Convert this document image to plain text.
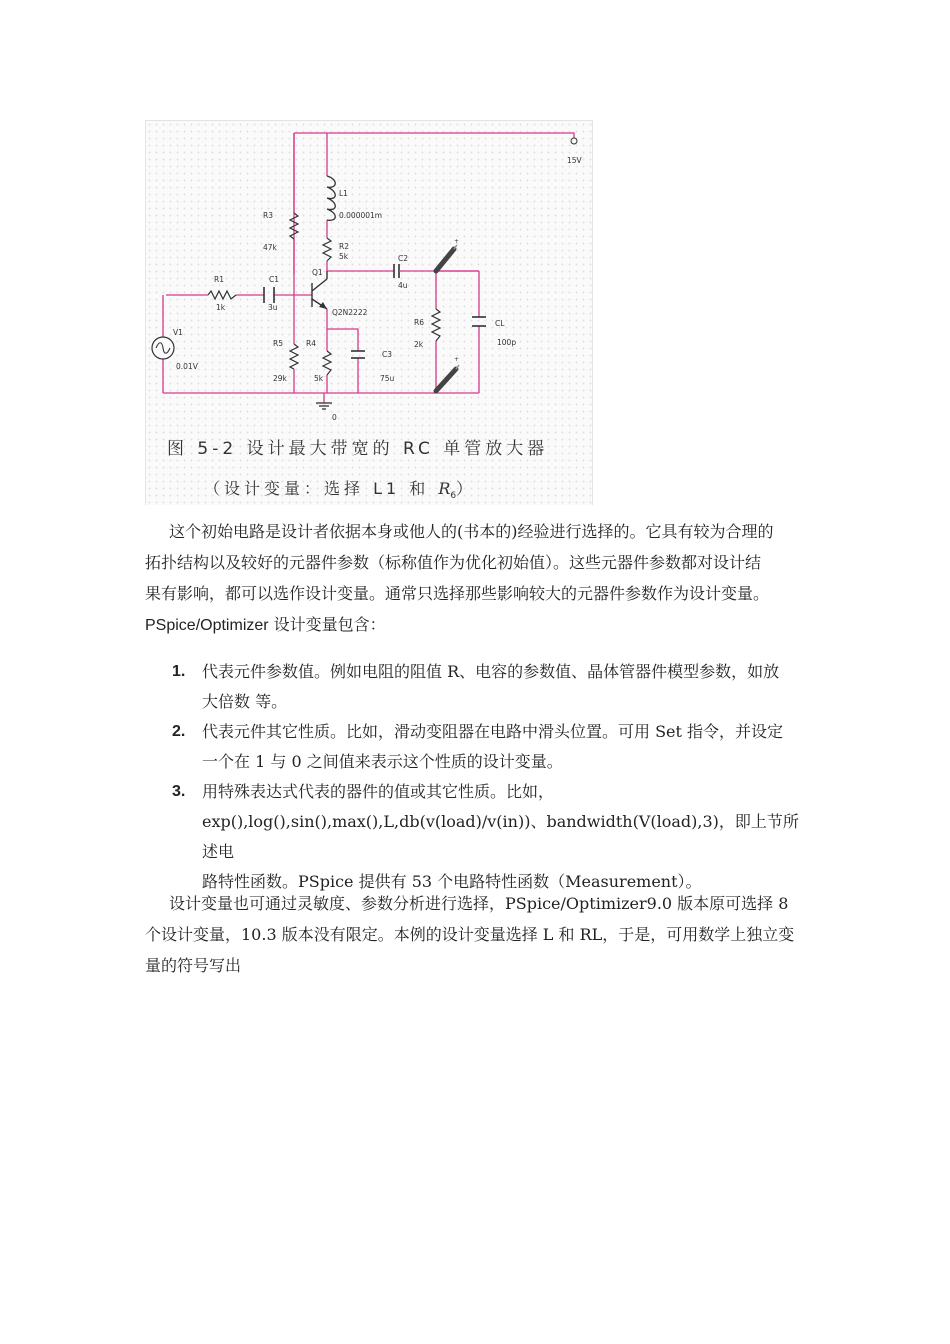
+
+
15V
L1
0.000001m
R3
47k	R2
5k	C2
4u
R1
1k
C1
3u
Q1
Q2N2222
R6
2k
CL
100p
V1
0.01V
R5
29k
R4
5k
C3
75u
0
图 5-2 设计最大带宽的 RC 单管放大器
（设计变量：选择 L1 和 $R_6$）

这个初始电路是设计者依据本身或他人的(书本的)经验进行选择的。它具有较为合理的
拓扑结构以及较好的元器件参数（标称值作为优化初始值）。这些元器件参数都对设计结
果有影响，都可以选作设计变量。通常只选择那些影响较大的元器件参数作为设计变量。
PSpice/Optimizer 设计变量包含：

1. 代表元件参数值。例如电阻的阻值 R、电容的参数值、晶体管器件模型参数，如放
大倍数 等。
2. 代表元件其它性质。比如，滑动变阻器在电路中滑头位置。可用 Set 指令，并设定
一个在 1 与 0 之间值来表示这个性质的设计变量。
3. 用特殊表达式代表的器件的值或其它性质。比如，
exp(),log(),sin(),max(),L,db(v(load)/v(in))、bandwidth(V(load),3)，即上节所述电
路特性函数。PSpice 提供有 53 个电路特性函数（Measurement）。

设计变量也可通过灵敏度、参数分析进行选择，PSpice/Optimizer9.0 版本原可选择 8
个设计变量，10.3 版本没有限定。本例的设计变量选择 L 和 RL，于是，可用数学上独立变
量的符号写出
